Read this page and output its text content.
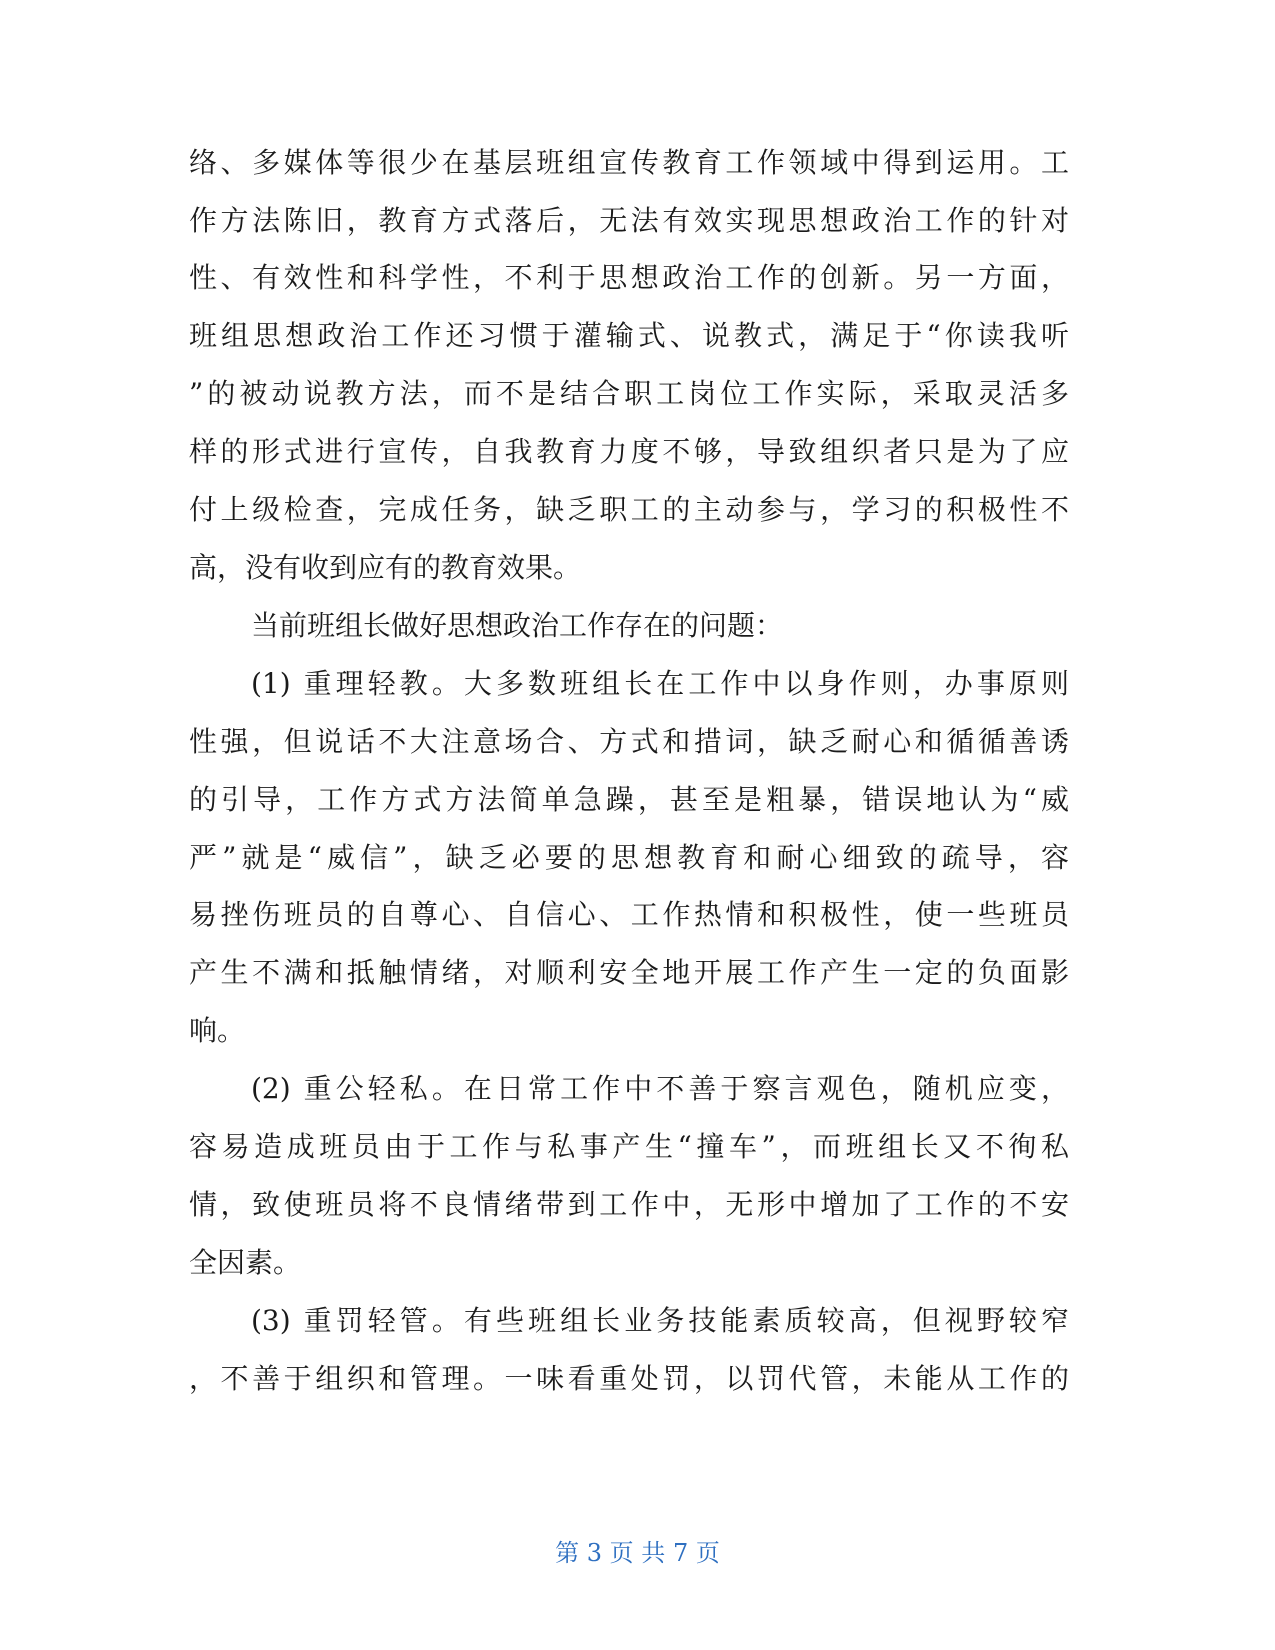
络、多媒体等很少在基层班组宣传教育工作领域中得到运用。工
作方法陈旧，教育方式落后，无法有效实现思想政治工作的针对
性、有效性和科学性，不利于思想政治工作的创新。另一方面，
班组思想政治工作还习惯于灌输式、说教式，满足于“你读我听
”的被动说教方法，而不是结合职工岗位工作实际，采取灵活多
样的形式进行宣传，自我教育力度不够，导致组织者只是为了应
付上级检查，完成任务，缺乏职工的主动参与，学习的积极性不
高，没有收到应有的教育效果。
当前班组长做好思想政治工作存在的问题：
(1) 重理轻教。大多数班组长在工作中以身作则，办事原则
性强，但说话不大注意场合、方式和措词，缺乏耐心和循循善诱
的引导，工作方式方法简单急躁，甚至是粗暴，错误地认为“威
严”就是“威信”，缺乏必要的思想教育和耐心细致的疏导，容
易挫伤班员的自尊心、自信心、工作热情和积极性，使一些班员
产生不满和抵触情绪，对顺利安全地开展工作产生一定的负面影
响。
(2) 重公轻私。在日常工作中不善于察言观色，随机应变，
容易造成班员由于工作与私事产生“撞车”，而班组长又不徇私
情，致使班员将不良情绪带到工作中，无形中增加了工作的不安
全因素。
(3) 重罚轻管。有些班组长业务技能素质较高，但视野较窄
，不善于组织和管理。一味看重处罚，以罚代管，未能从工作的
第 3 页 共 7 页
